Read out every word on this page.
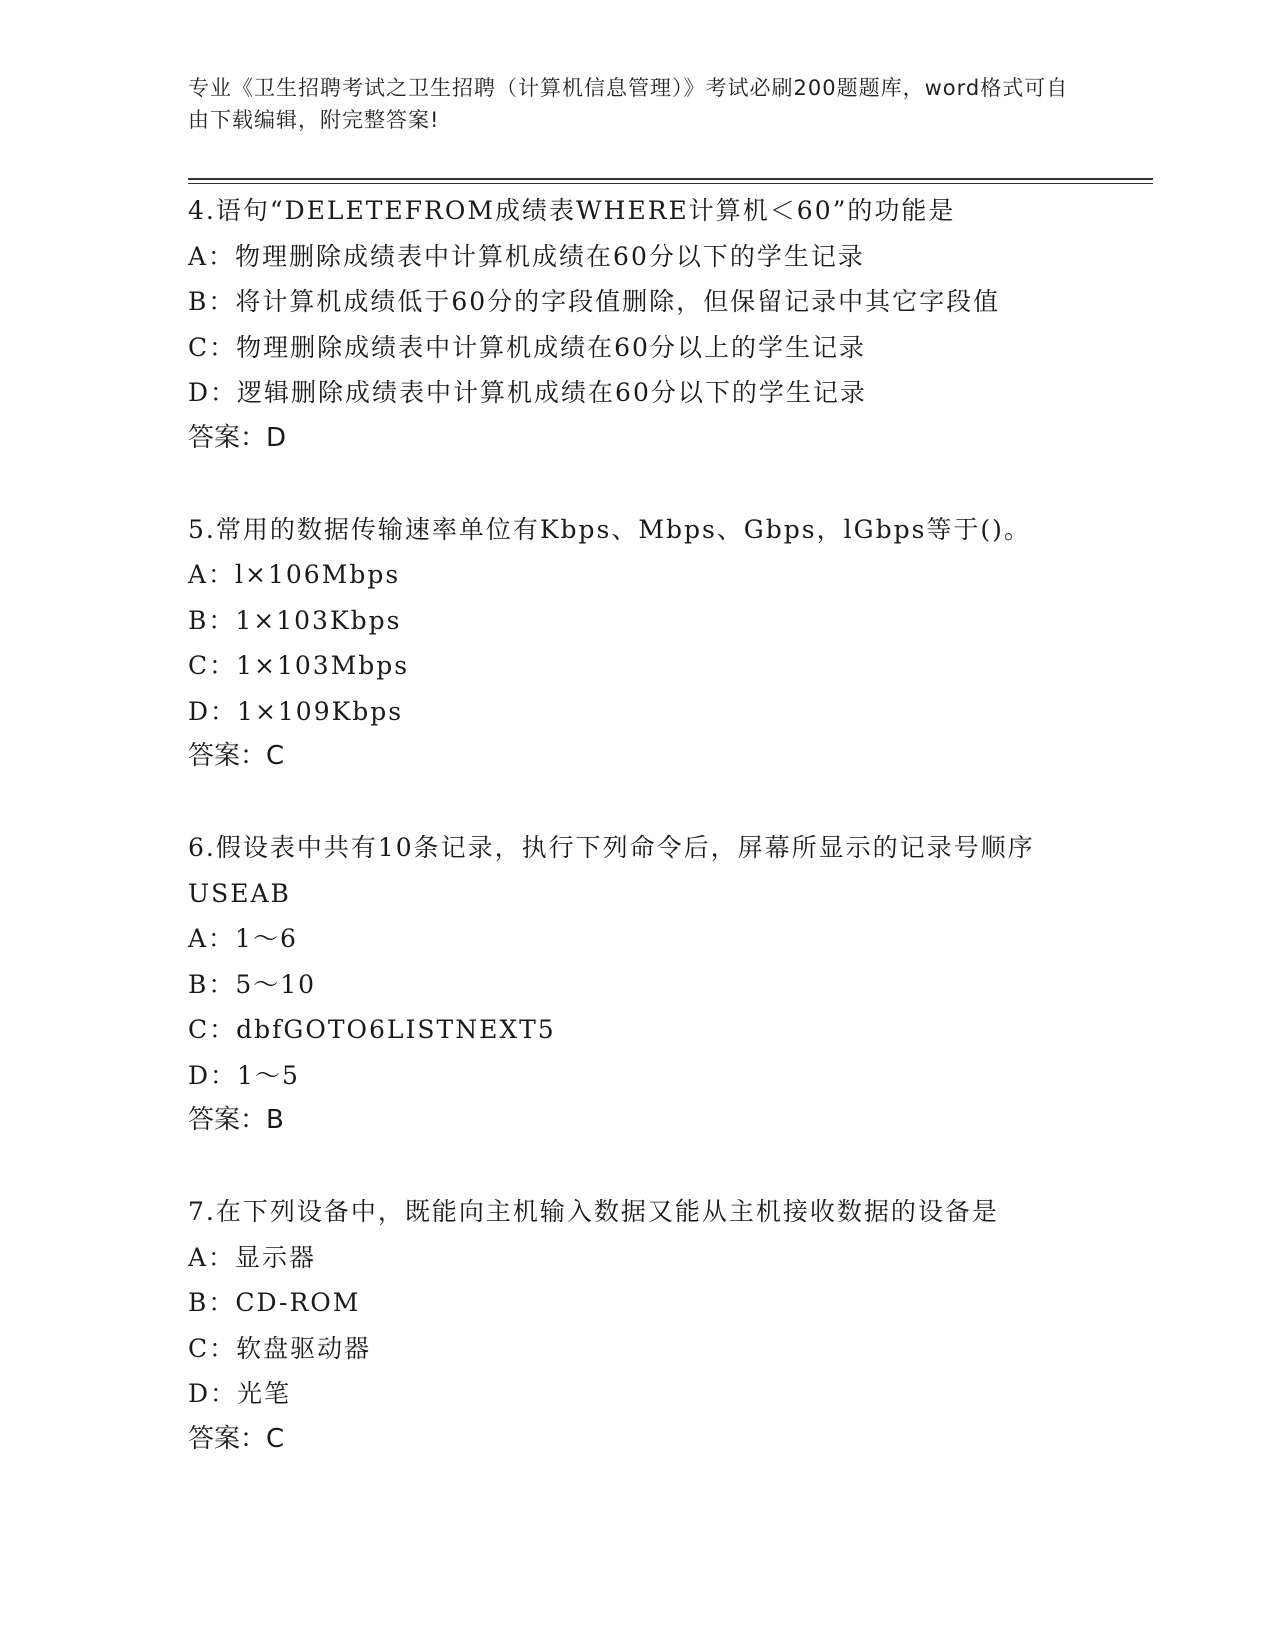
专业《卫生招聘考试之卫生招聘（计算机信息管理）》考试必刷200题题库，word格式可自由下载编辑，附完整答案!

4.语句“DELETEFROM成绩表WHERE计算机＜60”的功能是

A：物理删除成绩表中计算机成绩在60分以下的学生记录

B：将计算机成绩低于60分的字段值删除，但保留记录中其它字段值

C：物理删除成绩表中计算机成绩在60分以上的学生记录

D：逻辑删除成绩表中计算机成绩在60分以下的学生记录

答案：D

5.常用的数据传输速率单位有Kbps、Mbps、Gbps，lGbps等于()。

A：l×106Mbps

B：1×103Kbps

C：1×103Mbps

D：1×109Kbps

答案：C

6.假设表中共有10条记录，执行下列命令后，屏幕所显示的记录号顺序USEAB

A：1～6

B：5～10

C：dbfGOTO6LISTNEXT5

D：1～5

答案：B

7.在下列设备中，既能向主机输入数据又能从主机接收数据的设备是

A：显示器

B：CD-ROM

C：软盘驱动器

D：光笔

答案：C
